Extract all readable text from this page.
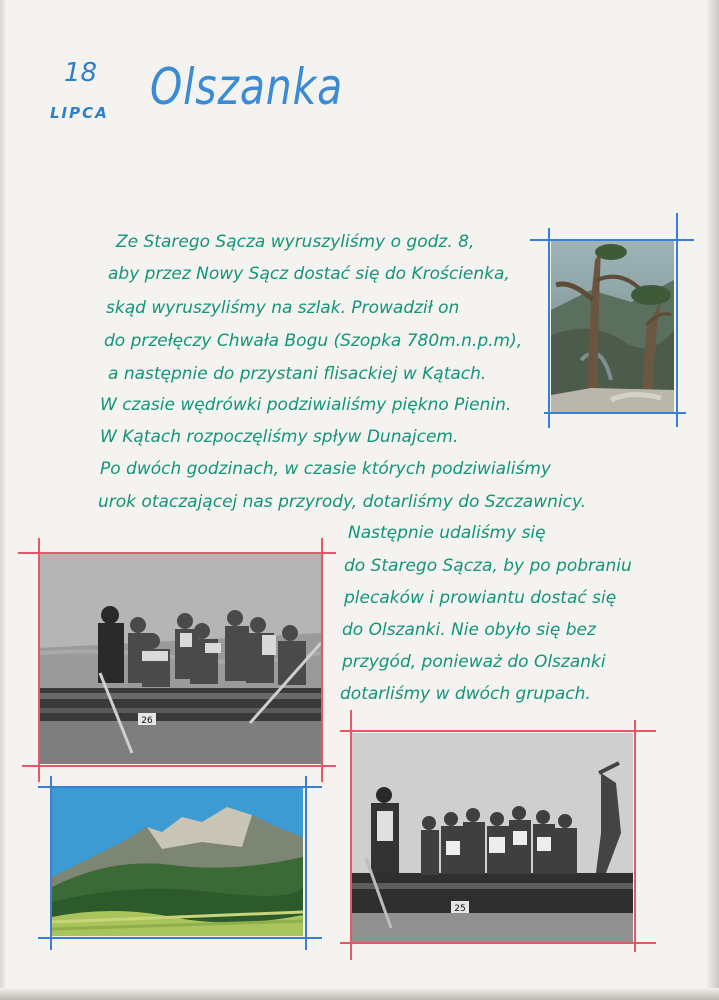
18
LIPCA Olszanka
Ze Starego Sącza wyruszyliśmy o godz. 8,
aby przez Nowy Sącz dostać się do Krościenka,
skąd wyruszyliśmy na szlak. Prowadził on
do przełęczy Chwała Bogu (Szopka 780m.n.p.m),
a następnie do przystani flisackiej w Kątach.
W czasie wędrówki podziwialiśmy piękno Pienin.
W Kątach rozpoczęliśmy spływ Dunajcem.
Po dwóch godzinach, w czasie których podziwialiśmy
urok otaczającej nas przyrody, dotarliśmy do Szczawnicy.
Następnie udaliśmy się
do Starego Sącza, by po pobraniu
plecaków i prowiantu dostać się
do Olszanki. Nie obyło się bez
przygód, ponieważ do Olszanki
dotarliśmy w dwóch grupach.
26
25
